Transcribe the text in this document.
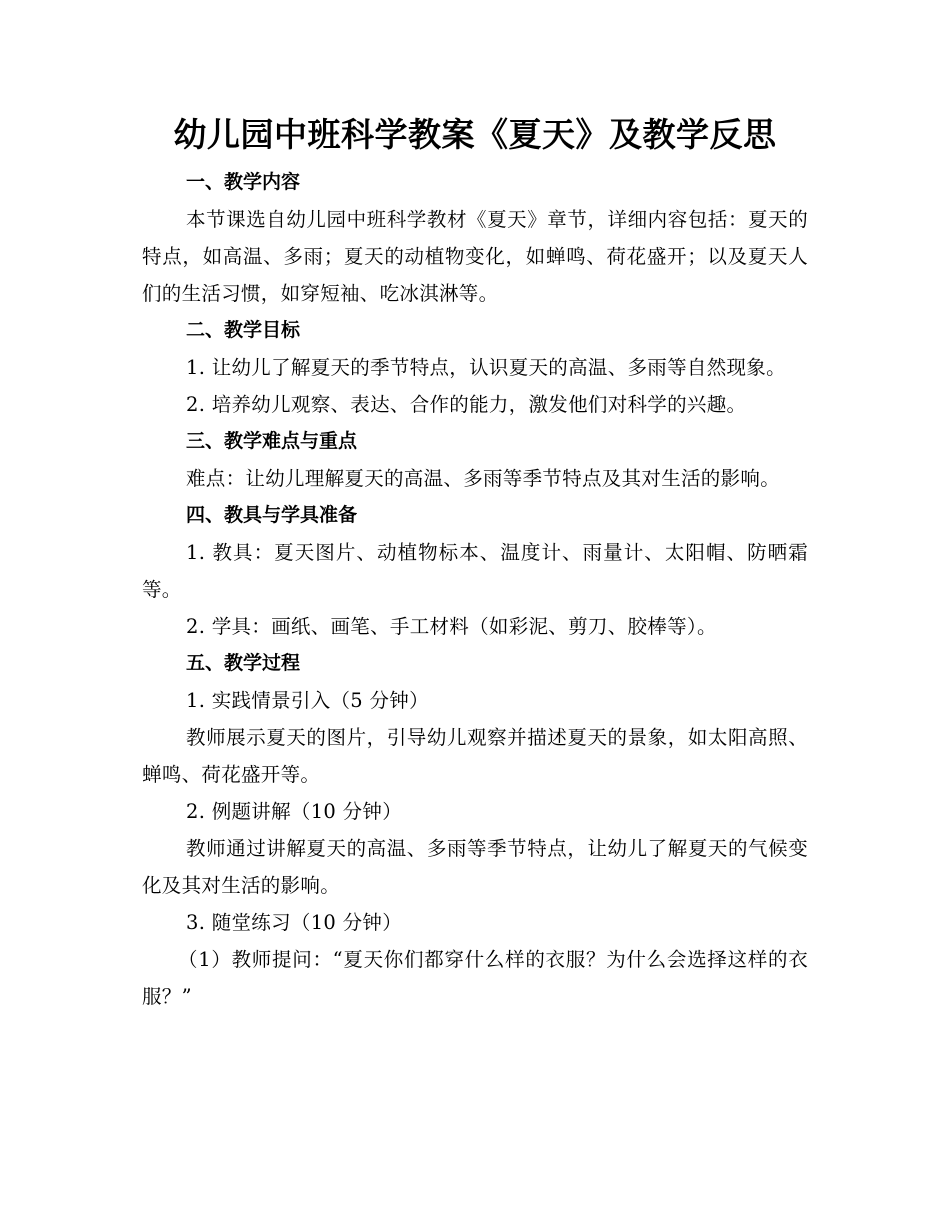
幼儿园中班科学教案《夏天》及教学反思

一、教学内容

本节课选自幼儿园中班科学教材《夏天》章节，详细内容包括：夏天的特点，如高温、多雨；夏天的动植物变化，如蝉鸣、荷花盛开；以及夏天人们的生活习惯，如穿短袖、吃冰淇淋等。

二、教学目标

1. 让幼儿了解夏天的季节特点，认识夏天的高温、多雨等自然现象。

2. 培养幼儿观察、表达、合作的能力，激发他们对科学的兴趣。

三、教学难点与重点

难点：让幼儿理解夏天的高温、多雨等季节特点及其对生活的影响。

四、教具与学具准备

1. 教具：夏天图片、动植物标本、温度计、雨量计、太阳帽、防晒霜等。

2. 学具：画纸、画笔、手工材料（如彩泥、剪刀、胶棒等）。

五、教学过程

1. 实践情景引入（5 分钟）

教师展示夏天的图片，引导幼儿观察并描述夏天的景象，如太阳高照、蝉鸣、荷花盛开等。

2. 例题讲解（10 分钟）

教师通过讲解夏天的高温、多雨等季节特点，让幼儿了解夏天的气候变化及其对生活的影响。

3. 随堂练习（10 分钟）

（1）教师提问：“夏天你们都穿什么样的衣服？为什么会选择这样的衣服？”
